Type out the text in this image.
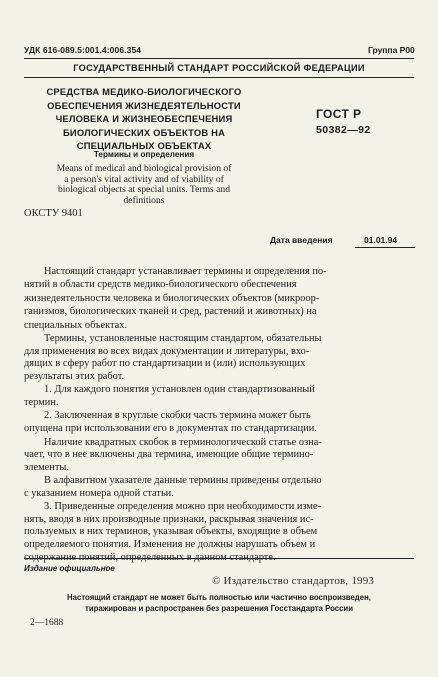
УДК 616-089.5:001.4:006.354	Группа Р00
ГОСУДАРСТВЕННЫЙ СТАНДАРТ РОССИЙСКОЙ ФЕДЕРАЦИИ
СРЕДСТВА МЕДИКО-БИОЛОГИЧЕСКОГО
ОБЕСПЕЧЕНИЯ ЖИЗНЕДЕЯТЕЛЬНОСТИ
ЧЕЛОВЕКА И ЖИЗНЕОБЕСПЕЧЕНИЯ
БИОЛОГИЧЕСКИХ ОБЪЕКТОВ НА
СПЕЦИАЛЬНЫХ ОБЪЕКТАХ
Термины и определения
Means of medical and biological provision of
a person's vital activity and of viability of
biological objects at special units. Terms and
definitions
ГОСТ Р
50382—92
ОКСТУ 9401
Дата введения	01.01.94
Настоящий стандарт устанавливает термины и определения по-
нятий в области средств медико-биологического обеспечения
жизнедеятельности человека и биологических объектов (микроор-
ганизмов, биологических тканей и сред, растений и животных) на
специальных объектах.
Термины, установленные настоящим стандартом, обязательны
для применения во всех видах документации и литературы, вхо-
дящих в сферу работ по стандартизации и (или) использующих
результаты этих работ.
1. Для каждого понятия установлен один стандартизованный
термин.
2. Заключенная в круглые скобки часть термина может быть
опущена при использовании его в документах по стандартизации.
Наличие квадратных скобок в терминологической статье озна-
чает, что в нее включены два термина, имеющие общие термино-
элементы.
В алфавитном указателе данные термины приведены отдельно
с указанием номера одной статьи.
3. Приведенные определения можно при необходимости изме-
нять, вводя в них производные признаки, раскрывая значения ис-
пользуемых в них терминов, указывая объекты, входящие в объем
определяемого понятия. Изменения не должны нарушать объем и
содержание понятий, определенных в данном стандарте.
Издание официальное
© Издательство стандартов, 1993
Настоящий стандарт не может быть полностью или частично воспроизведен,
тиражирован и распространен без разрешения Госстандарта России
2—1688
